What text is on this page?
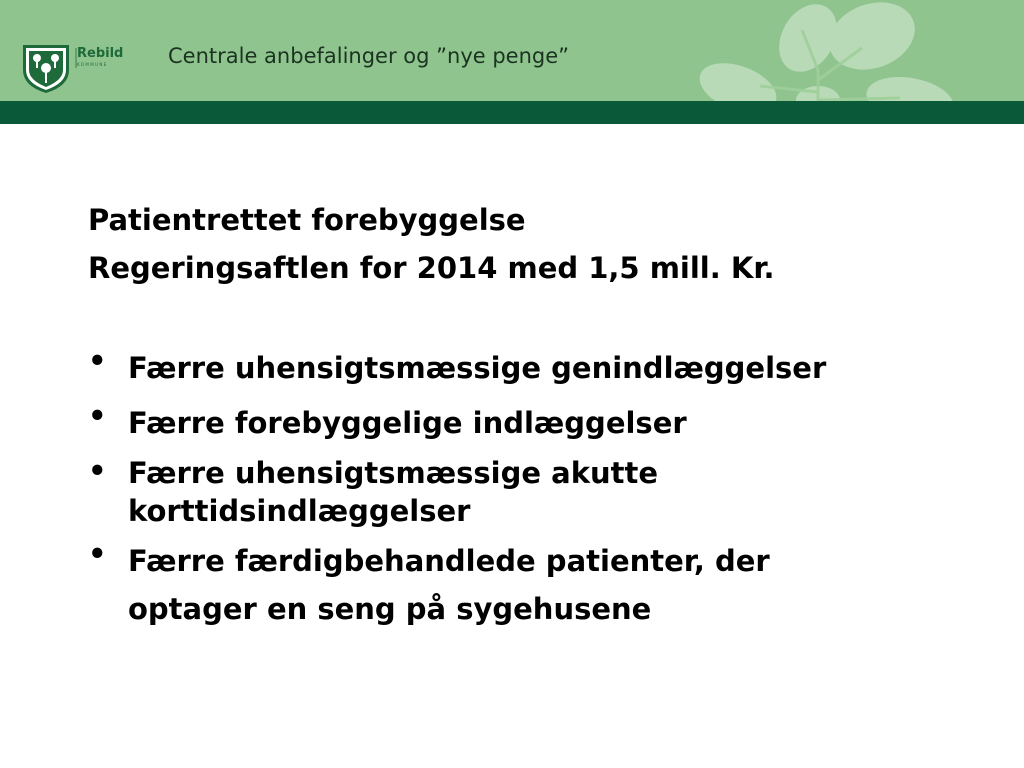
Rebild
KOMMUNE	Centrale anbefalinger og ”nye penge”
Patientrettet forebyggelse
Regeringsaftlen for 2014 med 1,5 mill. Kr.
• Færre uhensigtsmæssige genindlæggelser
• Færre forebyggelige indlæggelser
• Færre uhensigtsmæssige akutte
korttidsindlæggelser
• Færre færdigbehandlede patienter, der
optager en seng på sygehusene
